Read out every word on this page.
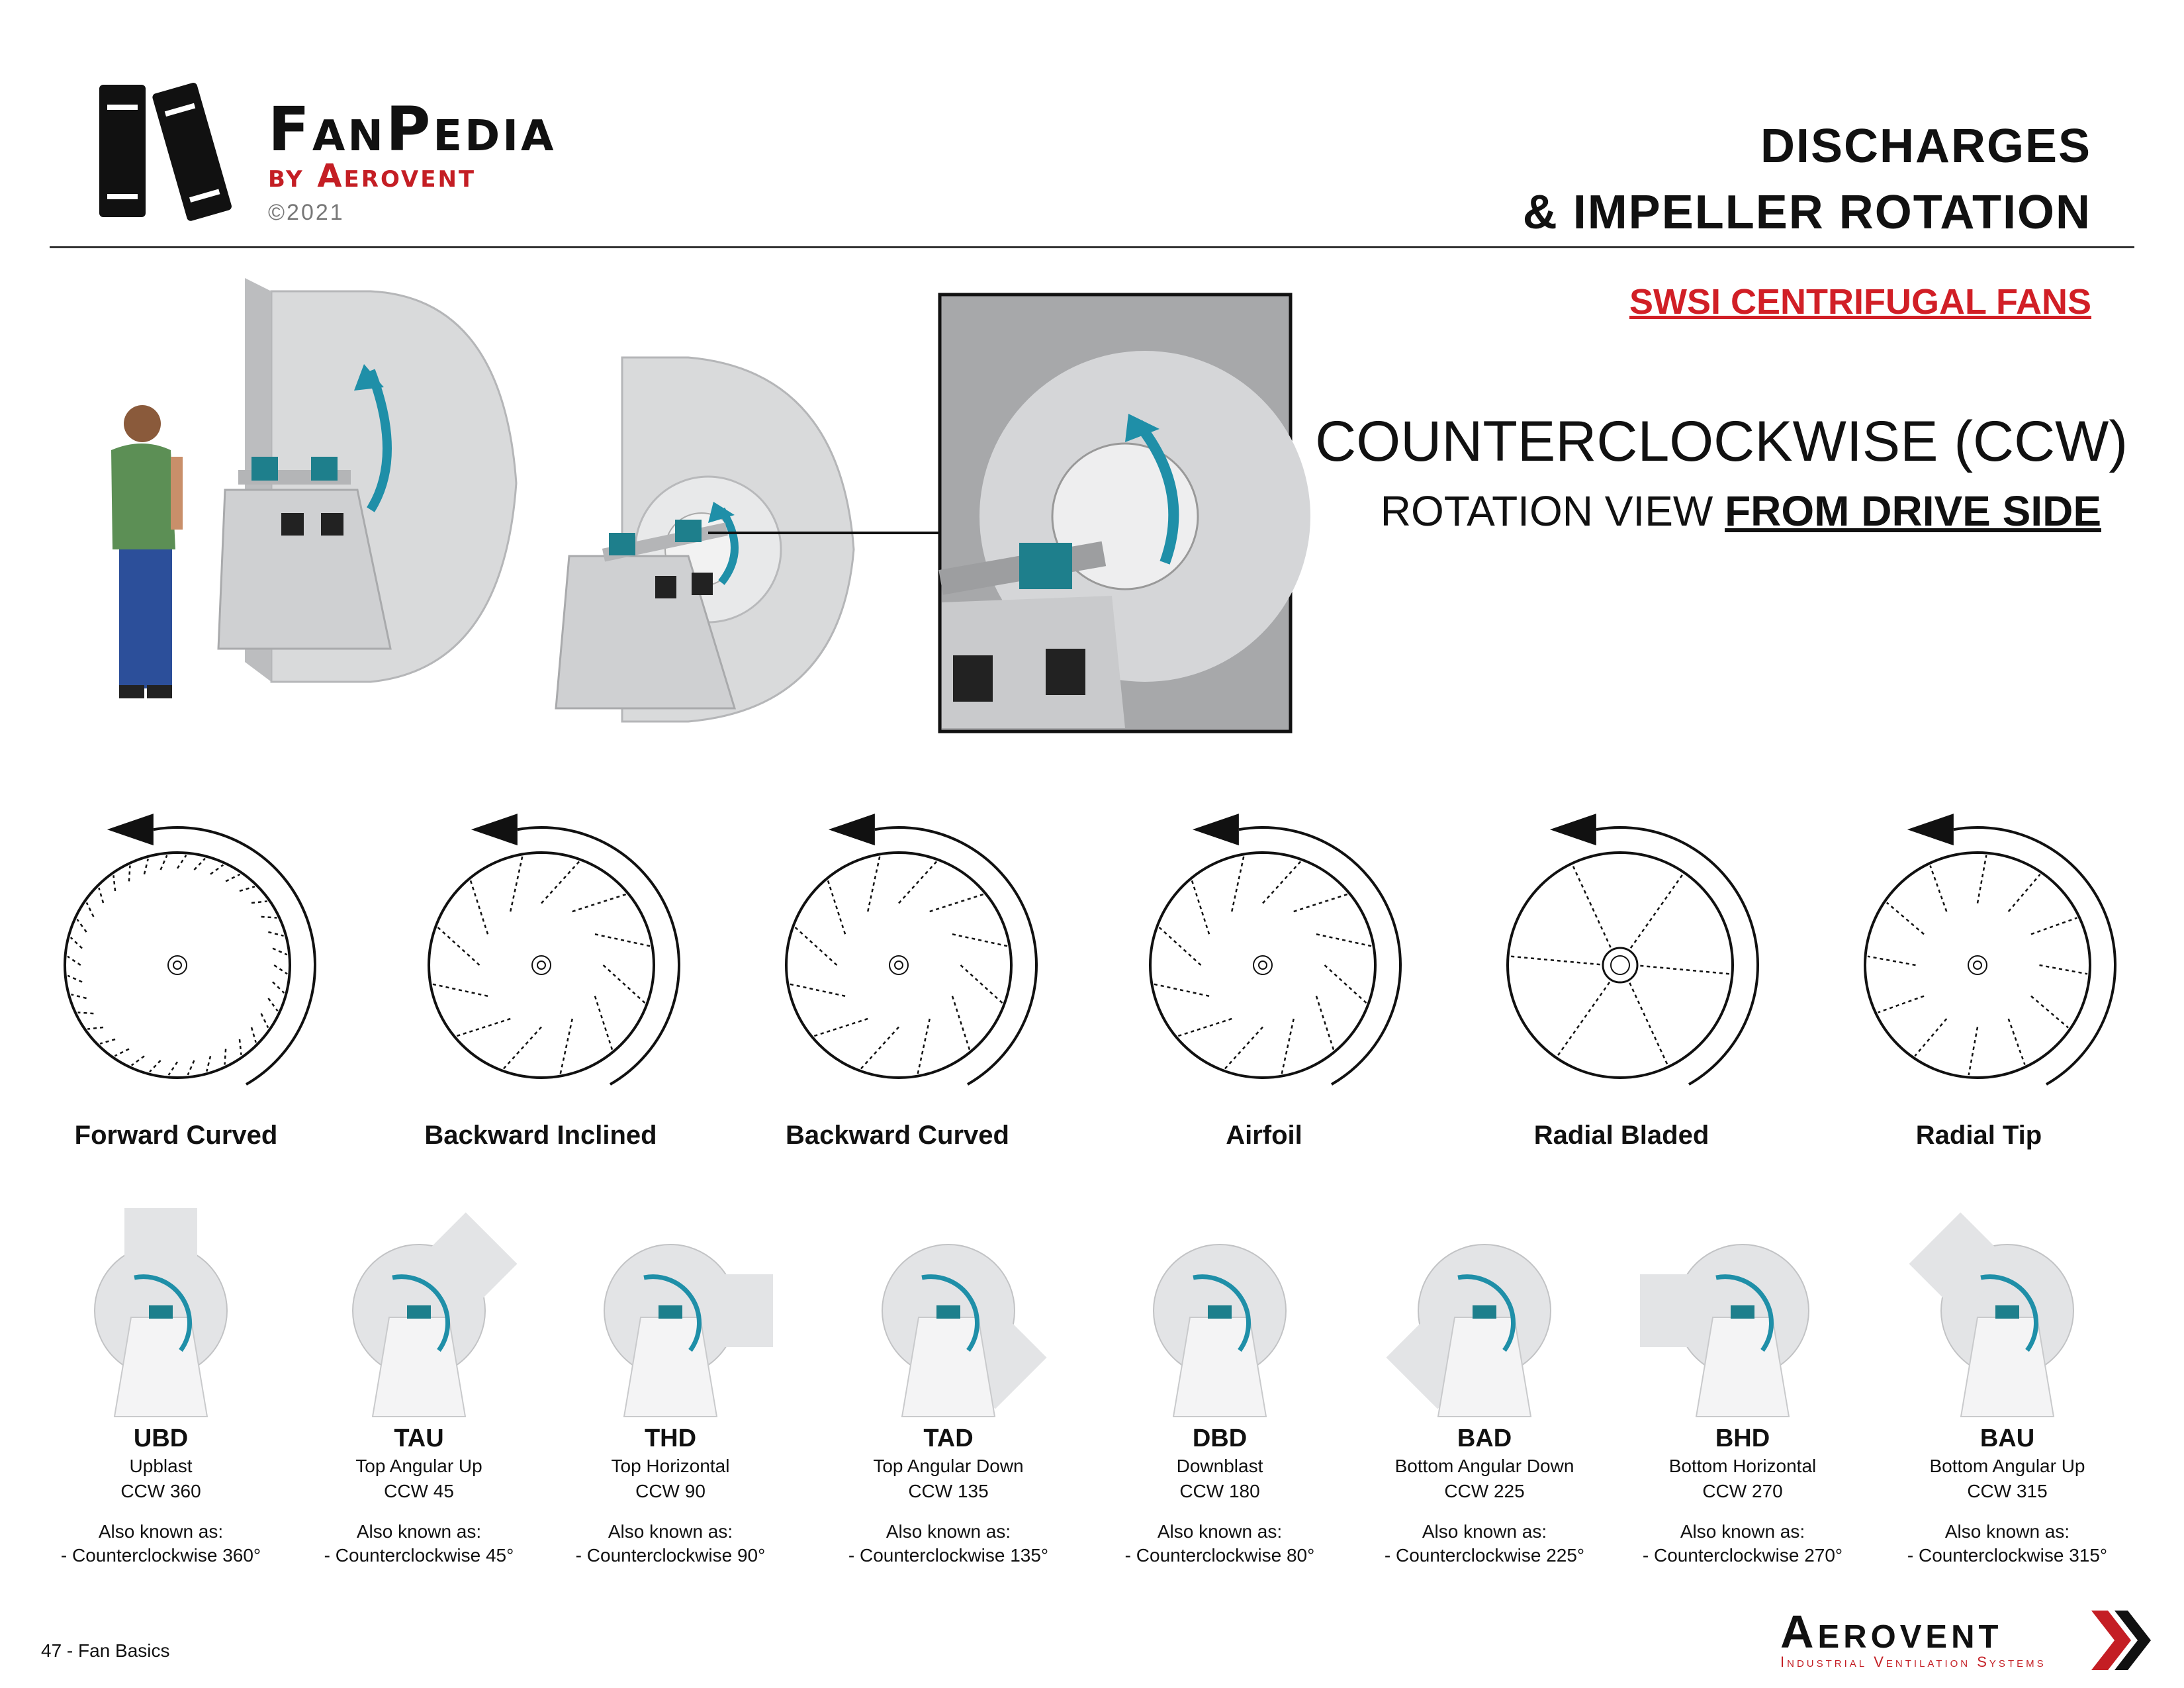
FanPedia
by Aerovent
©2021
DISCHARGES
& IMPELLER ROTATION
SWSI CENTRIFUGAL FANS
COUNTERCLOCKWISE (CCW)
ROTATION VIEW FROM DRIVE SIDE
Forward Curved	Backward Inclined	Backward Curved	Airfoil	Radial Bladed	Radial Tip
UBD
Upblast
CCW 360
Also known as:
- Counterclockwise 360°
TAU
Top Angular Up
CCW 45
Also known as:
- Counterclockwise 45°
THD
Top Horizontal
CCW 90
Also known as:
- Counterclockwise 90°
TAD
Top Angular Down
CCW 135
Also known as:
- Counterclockwise 135°
DBD
Downblast
CCW 180
Also known as:
- Counterclockwise 80°
BAD
Bottom Angular Down
CCW 225
Also known as:
- Counterclockwise 225°
BHD
Bottom Horizontal
CCW 270
Also known as:
- Counterclockwise 270°
BAU
Bottom Angular Up
CCW 315
Also known as:
- Counterclockwise 315°
47 - Fan Basics	Aerovent
Industrial Ventilation Systems
